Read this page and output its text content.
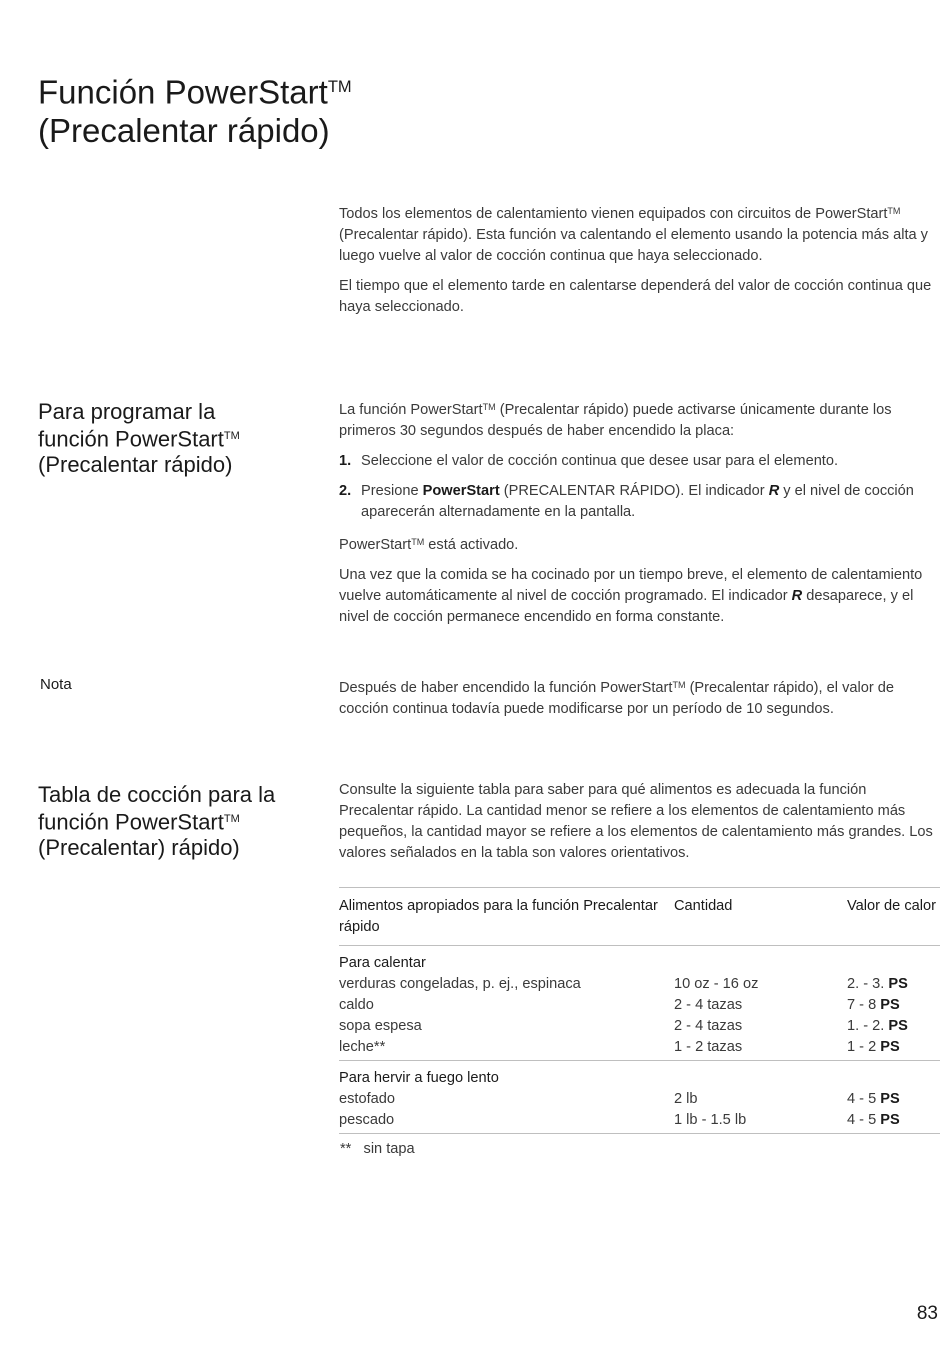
Función PowerStart™
(Precalentar rápido)

Todos los elementos de calentamiento vienen equipados con circuitos de PowerStart™ (Precalentar rápido). Esta función va calentando el elemento usando la potencia más alta y luego vuelve al valor de cocción continua que haya seleccionado.

El tiempo que el elemento tarde en calentarse dependerá del valor de cocción continua que haya seleccionado.

Para programar la
función PowerStart™
(Precalentar rápido)

La función PowerStart™ (Precalentar rápido) puede activarse únicamente durante los primeros 30 segundos después de haber encendido la placa:

1. Seleccione el valor de cocción continua que desee usar para el elemento.
2. Presione PowerStart (PRECALENTAR RÁPIDO). El indicador R y el nivel de cocción aparecerán alternadamente en la pantalla.

PowerStart™ está activado.

Una vez que la comida se ha cocinado por un tiempo breve, el elemento de calentamiento vuelve automáticamente al nivel de cocción programado. El indicador R desaparece, y el nivel de cocción permanece encendido en forma constante.

Nota	Después de haber encendido la función PowerStart™ (Precalentar rápido), el valor de cocción continua todavía puede modificarse por un período de 10 segundos.

Tabla de cocción para la
función PowerStart™
(Precalentar) rápido)

Consulte la siguiente tabla para saber para qué alimentos es adecuada la función Precalentar rápido. La cantidad menor se refiere a los elementos de calentamiento más pequeños, la cantidad mayor se refiere a los elementos de calentamiento más grandes. Los valores señalados en la tabla son valores orientativos.

Alimentos apropiados para la función Precalentar rápido	Cantidad	Valor de calor
Para calentar		
verduras congeladas, p. ej., espinaca	10 oz - 16 oz	2. - 3. PS
caldo	2 - 4 tazas	7 - 8 PS
sopa espesa	2 - 4 tazas	1. - 2. PS
leche**	1 - 2 tazas	1 - 2 PS
Para hervir a fuego lento		
estofado	2 lb	4 - 5 PS
pescado	1 lb - 1.5 lb	4 - 5 PS
**   sin tapa
83
